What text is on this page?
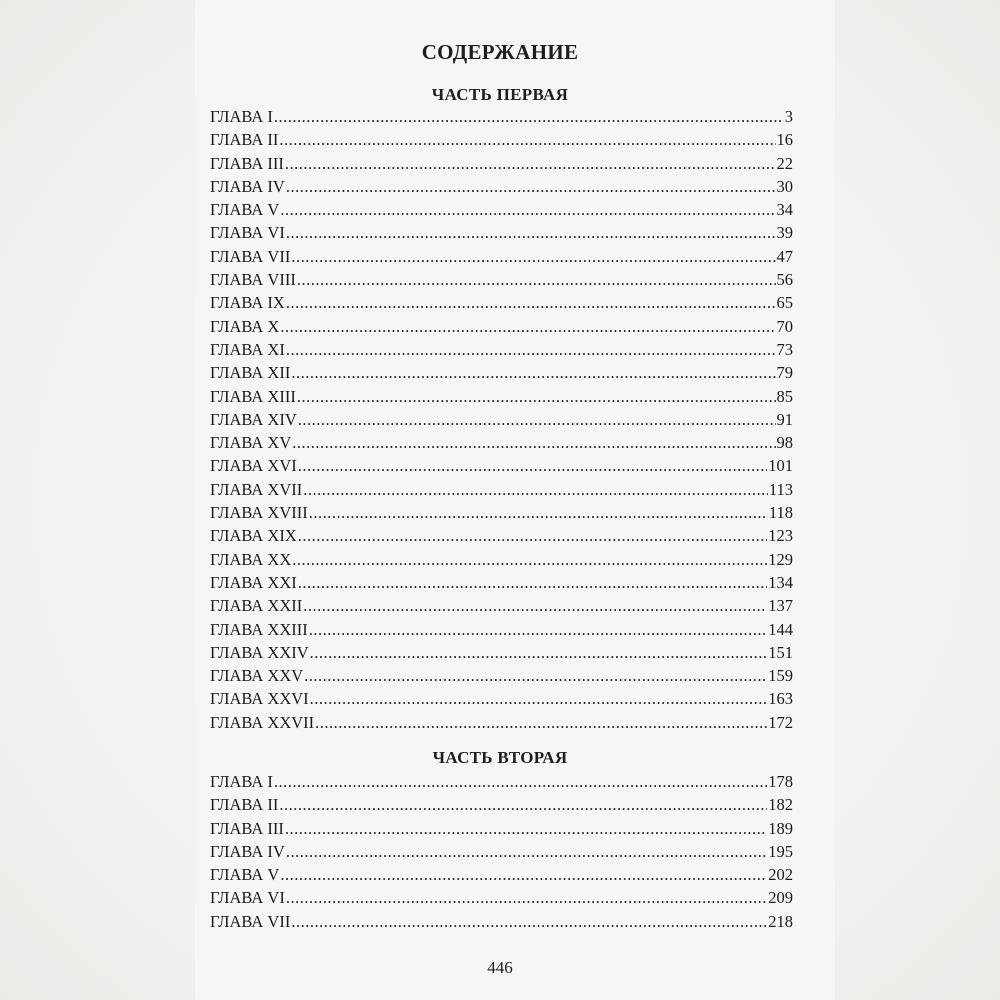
СОДЕРЖАНИЕ
ЧАСТЬ ПЕРВАЯ
ГЛАВА I .....	3
ГЛАВА II .....	16
ГЛАВА III .....	22
ГЛАВА IV .....	30
ГЛАВА V .....	34
ГЛАВА VI .....	39
ГЛАВА VII .....	47
ГЛАВА VIII .....	56
ГЛАВА IX .....	65
ГЛАВА X .....	70
ГЛАВА XI .....	73
ГЛАВА XII .....	79
ГЛАВА XIII .....	85
ГЛАВА XIV .....	91
ГЛАВА XV .....	98
ГЛАВА XVI .....	101
ГЛАВА XVII .....	113
ГЛАВА XVIII .....	118
ГЛАВА XIX .....	123
ГЛАВА XX .....	129
ГЛАВА XXI .....	134
ГЛАВА XXII .....	137
ГЛАВА XXIII .....	144
ГЛАВА XXIV .....	151
ГЛАВА XXV .....	159
ГЛАВА XXVI .....	163
ГЛАВА XXVII .....	172
ЧАСТЬ ВТОРАЯ
ГЛАВА I .....	178
ГЛАВА II .....	182
ГЛАВА III .....	189
ГЛАВА IV .....	195
ГЛАВА V .....	202
ГЛАВА VI .....	209
ГЛАВА VII .....	218
446
